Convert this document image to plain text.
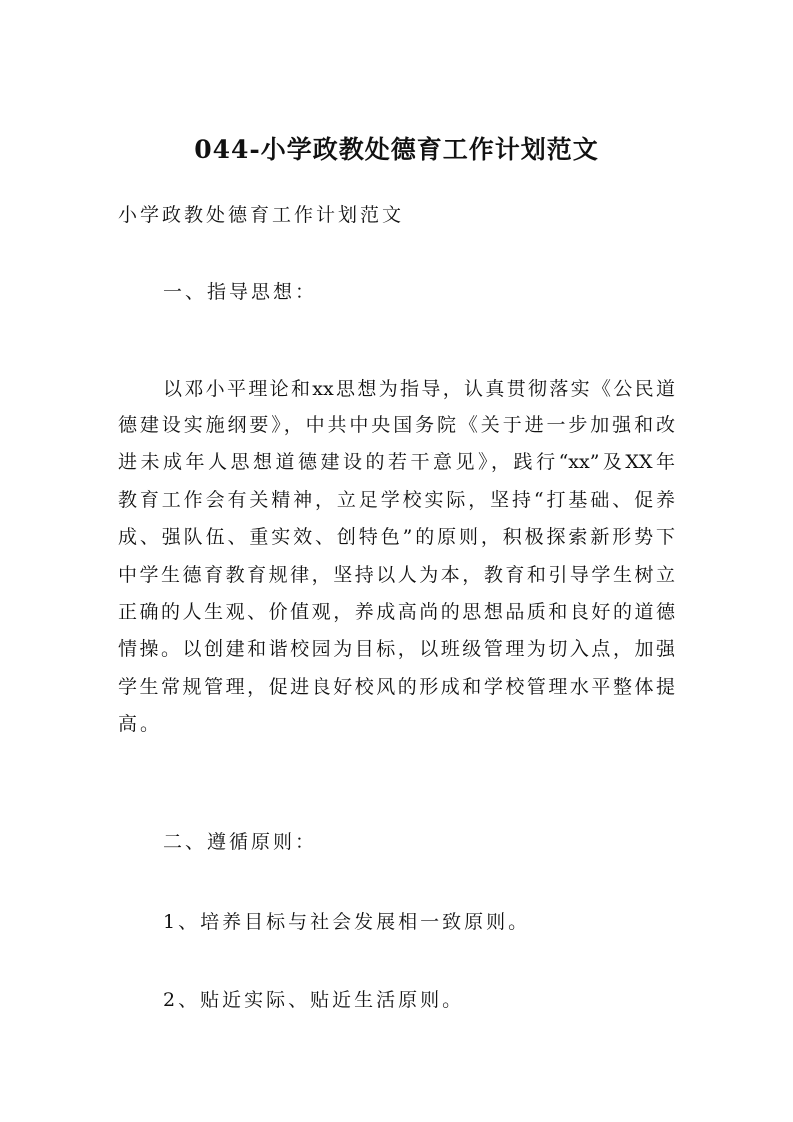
044-小学政教处德育工作计划范文
小学政教处德育工作计划范文
一、指导思想：
以邓小平理论和xx思想为指导，认真贯彻落实《公民道
德建设实施纲要》，中共中央国务院《关于进一步加强和改
进未成年人思想道德建设的若干意见》，践行“xx”及XX年
教育工作会有关精神，立足学校实际，坚持“打基础、促养
成、强队伍、重实效、创特色”的原则，积极探索新形势下
中学生德育教育规律，坚持以人为本，教育和引导学生树立
正确的人生观、价值观，养成高尚的思想品质和良好的道德
情操。以创建和谐校园为目标，以班级管理为切入点，加强
学生常规管理，促进良好校风的形成和学校管理水平整体提
高。
二、遵循原则：
1、培养目标与社会发展相一致原则。
2、贴近实际、贴近生活原则。
